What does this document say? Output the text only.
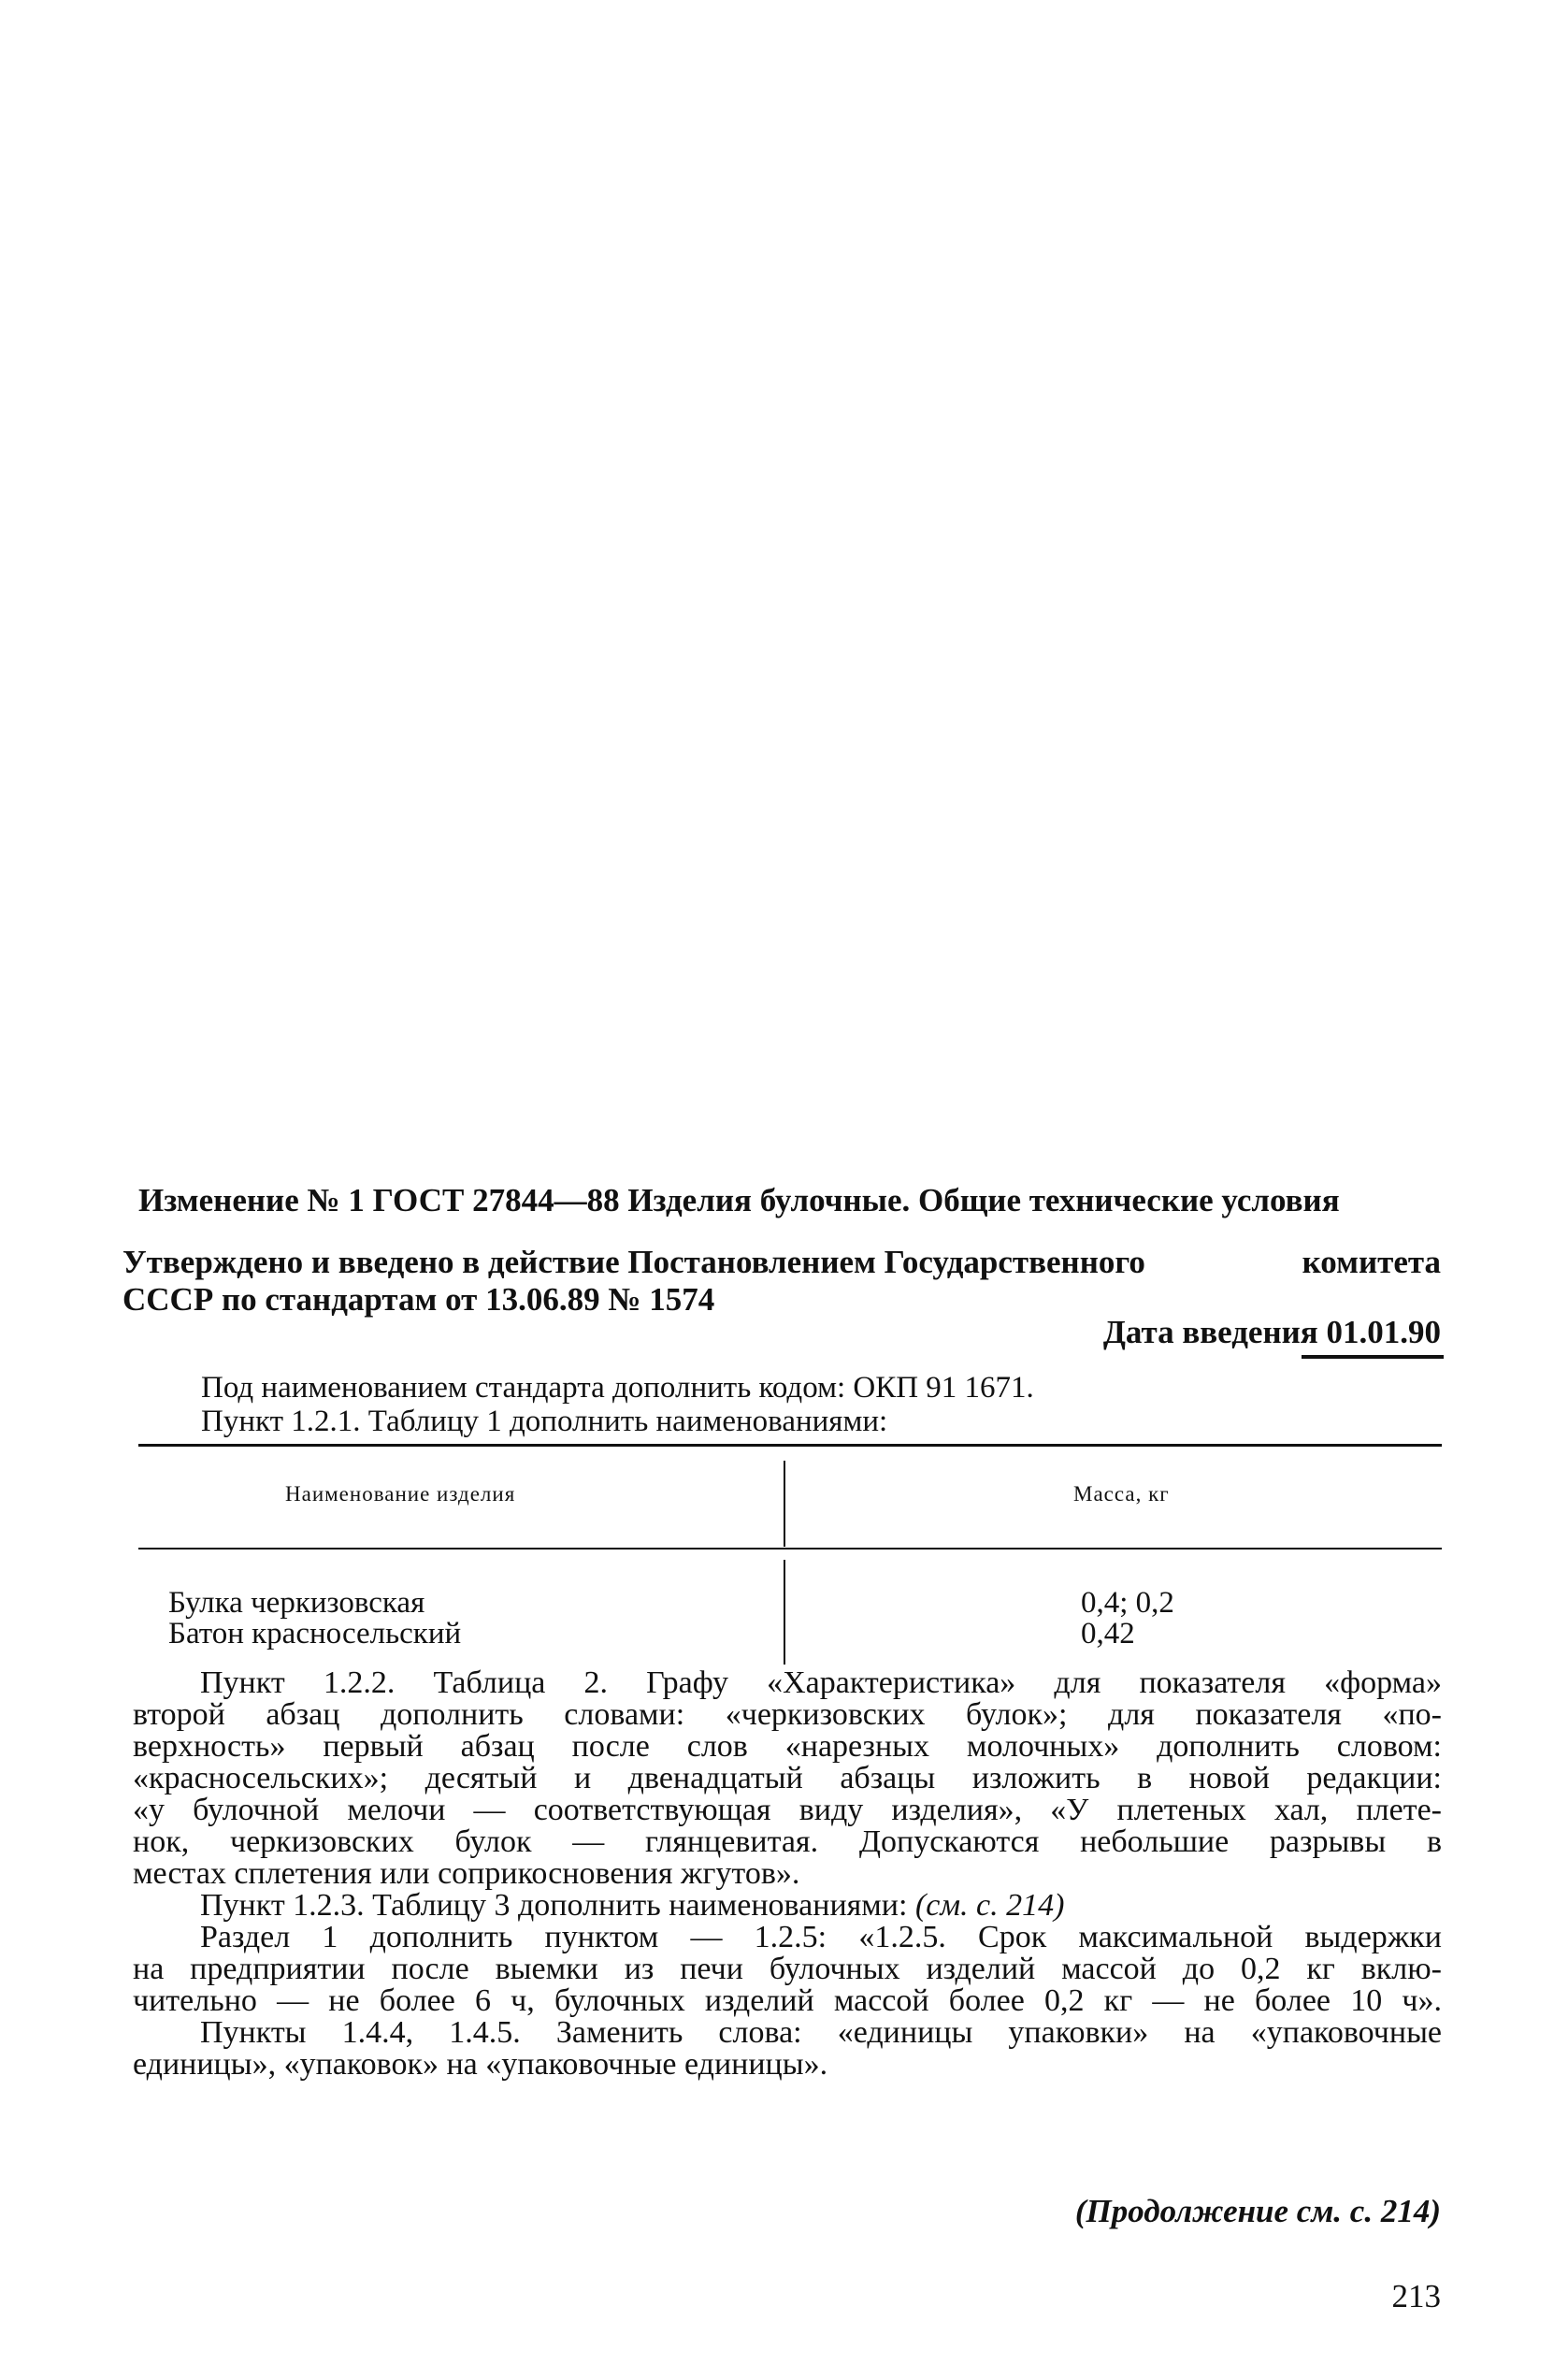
Изменение № 1 ГОСТ 27844—88 Изделия булочные. Общие технические условия
Утверждено и введено в действие Постановлением Государственного	комитета
СССР по стандартам от 13.06.89 № 1574
Дата введения 01.01.90
Под наименованием стандарта дополнить кодом: ОКП 91 1671.
Пункт 1.2.1. Таблицу 1 дополнить наименованиями:
Наименование изделия	Масса, кг
Булка черкизовская	0,4; 0,2
Батон красносельский	0,42
Пункт 1.2.2. Таблица 2. Графу «Характеристика» для показателя «форма»
второй абзац дополнить словами: «черкизовских булок»; для показателя «по-
верхность» первый абзац после слов «нарезных молочных» дополнить словом:
«красносельских»; десятый и двенадцатый абзацы изложить в новой редакции:
«у булочной мелочи — соответствующая виду изделия», «У плетеных хал, плете-
нок, черкизовских булок — глянцевитая. Допускаются небольшие разрывы в
местах сплетения или соприкосновения жгутов».
Пункт 1.2.3. Таблицу 3 дополнить наименованиями: (см. с. 214)
Раздел 1 дополнить пунктом — 1.2.5: «1.2.5. Срок максимальной выдержки
на предприятии после выемки из печи булочных изделий массой до 0,2 кг вклю-
чительно — не более 6 ч, булочных изделий массой более 0,2 кг — не более 10 ч».
Пункты 1.4.4, 1.4.5. Заменить слова: «единицы упаковки» на «упаковочные
единицы», «упаковок» на «упаковочные единицы».
(Продолжение см. с. 214)
213
